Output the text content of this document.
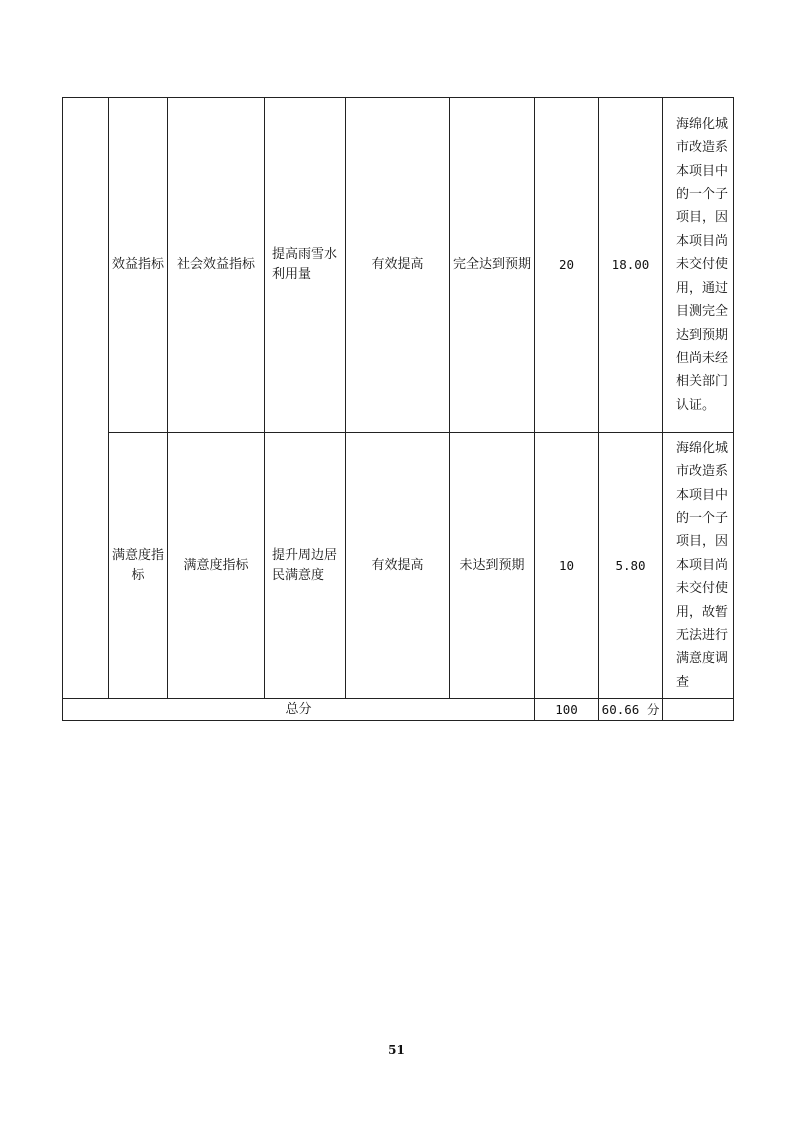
	效益指标	社会效益指标	提高雨雪水利用量	有效提高	完全达到预期	20	18.00	海绵化城市改造系本项目中的一个子项目，因本项目尚未交付使用，通过目测完全达到预期但尚未经相关部门认证。
	满意度指标	满意度指标	提升周边居民满意度	有效提高	未达到预期	10	5.80	海绵化城市改造系本项目中的一个子项目，因本项目尚未交付使用，故暂无法进行满意度调查
总分						100	60.66 分	
51
